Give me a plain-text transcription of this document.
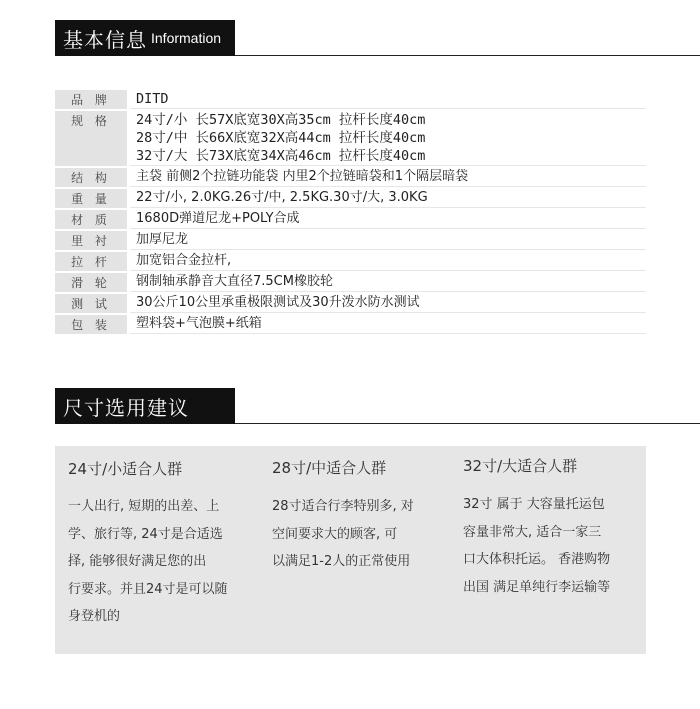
基本信息 Information
品 牌	DITD
规 格	24寸/小 长57X底宽30X高35cm 拉杆长度40cm
28寸/中 长66X底宽32X高44cm 拉杆长度40cm
32寸/大 长73X底宽34X高46cm 拉杆长度40cm
结 构	主袋 前侧2个拉链功能袋 内里2个拉链暗袋和1个隔层暗袋
重 量	22寸/小, 2.0KG.26寸/中, 2.5KG.30寸/大, 3.0KG
材 质	1680D弹道尼龙+POLY合成
里 衬	加厚尼龙
拉 杆	加宽铝合金拉杆,
滑 轮	钢制轴承静音大直径7.5CM橡胶轮
测 试	30公斤10公里承重极限测试及30升泼水防水测试
包 装	塑料袋+气泡膜+纸箱
尺寸选用建议
24寸/小适合人群
一人出行, 短期的出差、上
学、旅行等, 24寸是合适选
择, 能够很好满足您的出
行要求。并且24寸是可以随
身登机的
28寸/中适合人群
28寸适合行李特别多, 对
空间要求大的顾客, 可
以满足1-2人的正常使用
32寸/大适合人群
32寸 属于 大容量托运包
容量非常大, 适合一家三
口大体积托运。 香港购物
出国 满足单纯行李运输等
